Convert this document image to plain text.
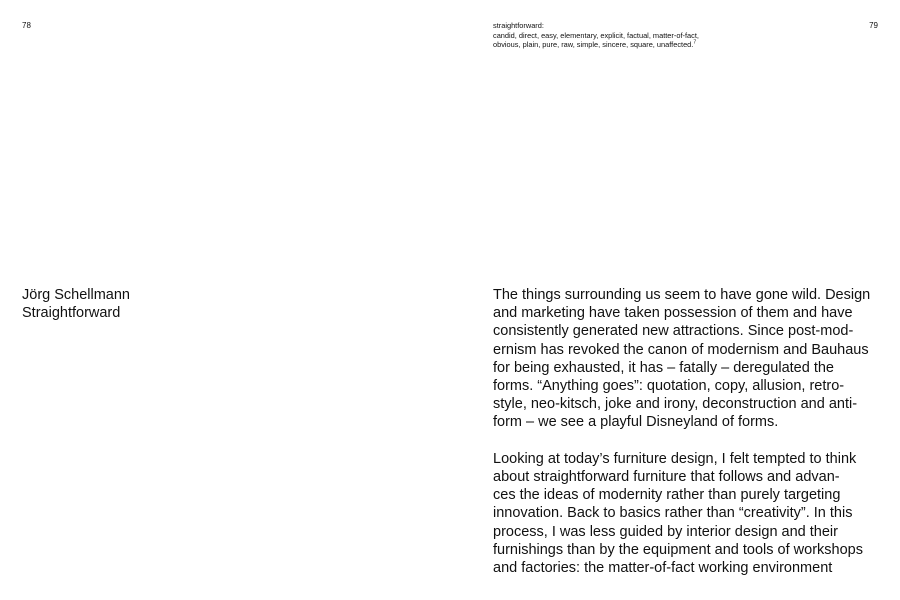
78
Jörg Schellmann
Straightforward
straightforward:
candid, direct, easy, elementary, explicit, factual, matter-of-fact,
obvious, plain, pure, raw, simple, sincere, square, unaffected.$^7$
79

The things surrounding us seem to have gone wild. Design
and marketing have taken possession of them and have
consistently generated new attractions. Since post-mod-
ernism has revoked the canon of modernism and Bauhaus
for being exhausted, it has – fatally – deregulated the
forms. “Anything goes”: quotation, copy, allusion, retro-
style, neo-kitsch, joke and irony, deconstruction and anti-
form – we see a playful Disneyland of forms.

Looking at today’s furniture design, I felt tempted to think
about straightforward furniture that follows and advan-
ces the ideas of modernity rather than purely targeting
innovation. Back to basics rather than “creativity”. In this
process, I was less guided by interior design and their
furnishings than by the equipment and tools of workshops
and factories: the matter-of-fact working environment
